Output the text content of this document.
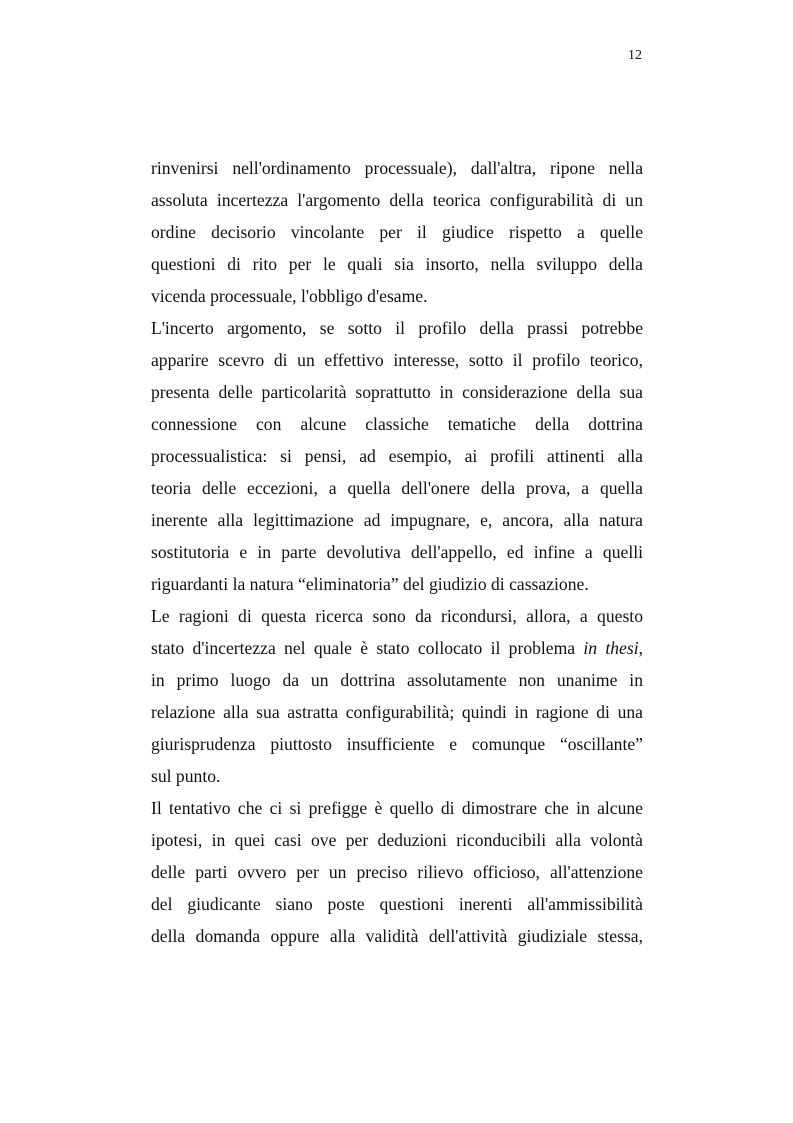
12

rinvenirsi nell'ordinamento processuale), dall'altra, ripone nella
assoluta incertezza l'argomento della teorica configurabilità di un
ordine decisorio vincolante per il giudice rispetto a quelle
questioni di rito per le quali sia insorto, nella sviluppo della
vicenda processuale, l'obbligo d'esame.

L'incerto argomento, se sotto il profilo della prassi potrebbe
apparire scevro di un effettivo interesse, sotto il profilo teorico,
presenta delle particolarità soprattutto in considerazione della sua
connessione con alcune classiche tematiche della dottrina
processualistica: si pensi, ad esempio, ai profili attinenti alla
teoria delle eccezioni, a quella dell'onere della prova, a quella
inerente alla legittimazione ad impugnare, e, ancora, alla natura
sostitutoria e in parte devolutiva dell'appello, ed infine a quelli
riguardanti la natura “eliminatoria” del giudizio di cassazione.

Le ragioni di questa ricerca sono da ricondursi, allora, a questo
stato d'incertezza nel quale è stato collocato il problema in thesi,
in primo luogo da un dottrina assolutamente non unanime in
relazione alla sua astratta configurabilità; quindi in ragione di una
giurisprudenza piuttosto insufficiente e comunque “oscillante”
sul punto.

Il tentativo che ci si prefigge è quello di dimostrare che in alcune
ipotesi, in quei casi ove per deduzioni riconducibili alla volontà
delle parti ovvero per un preciso rilievo officioso, all'attenzione
del giudicante siano poste questioni inerenti all'ammissibilità
della domanda oppure alla validità dell'attività giudiziale stessa,
